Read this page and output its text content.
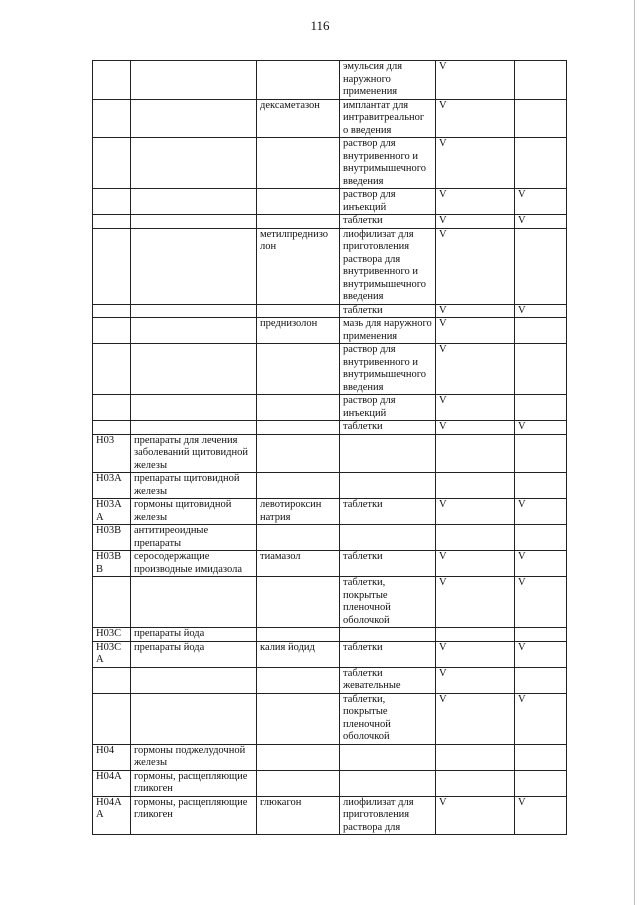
116
			эмульсия для наружного применения	V	
		дексаметазон	имплантат для интравитреальног о введения	V	
			раствор для внутривенного и внутримышечного введения	V	
			раствор для инъекций	V	V
			таблетки	V	V
		метилпреднизо лон	лиофилизат для приготовления раствора для внутривенного и внутримышечного введения	V	
			таблетки	V	V
		преднизолон	мазь для наружного применения	V	
			раствор для внутривенного и внутримышечного введения	V	
			раствор для инъекций	V	
			таблетки	V	V
H03	препараты для лечения заболеваний щитовидной железы				
H03A	препараты щитовидной железы				
H03A A	гормоны щитовидной железы	левотироксин натрия	таблетки	V	V
H03B	антитиреоидные препараты				
H03B B	серосодержащие производные имидазола	тиамазол	таблетки	V	V
			таблетки, покрытые пленочной оболочкой	V	V
H03C	препараты йода				
H03C A	препараты йода	калия йодид	таблетки	V	V
			таблетки жевательные	V	
			таблетки, покрытые пленочной оболочкой	V	V
H04	гормоны поджелудочной железы				
H04A	гормоны, расщепляющие гликоген				
H04A A	гормоны, расщепляющие гликоген	глюкагон	лиофилизат для приготовления раствора для	V	V
